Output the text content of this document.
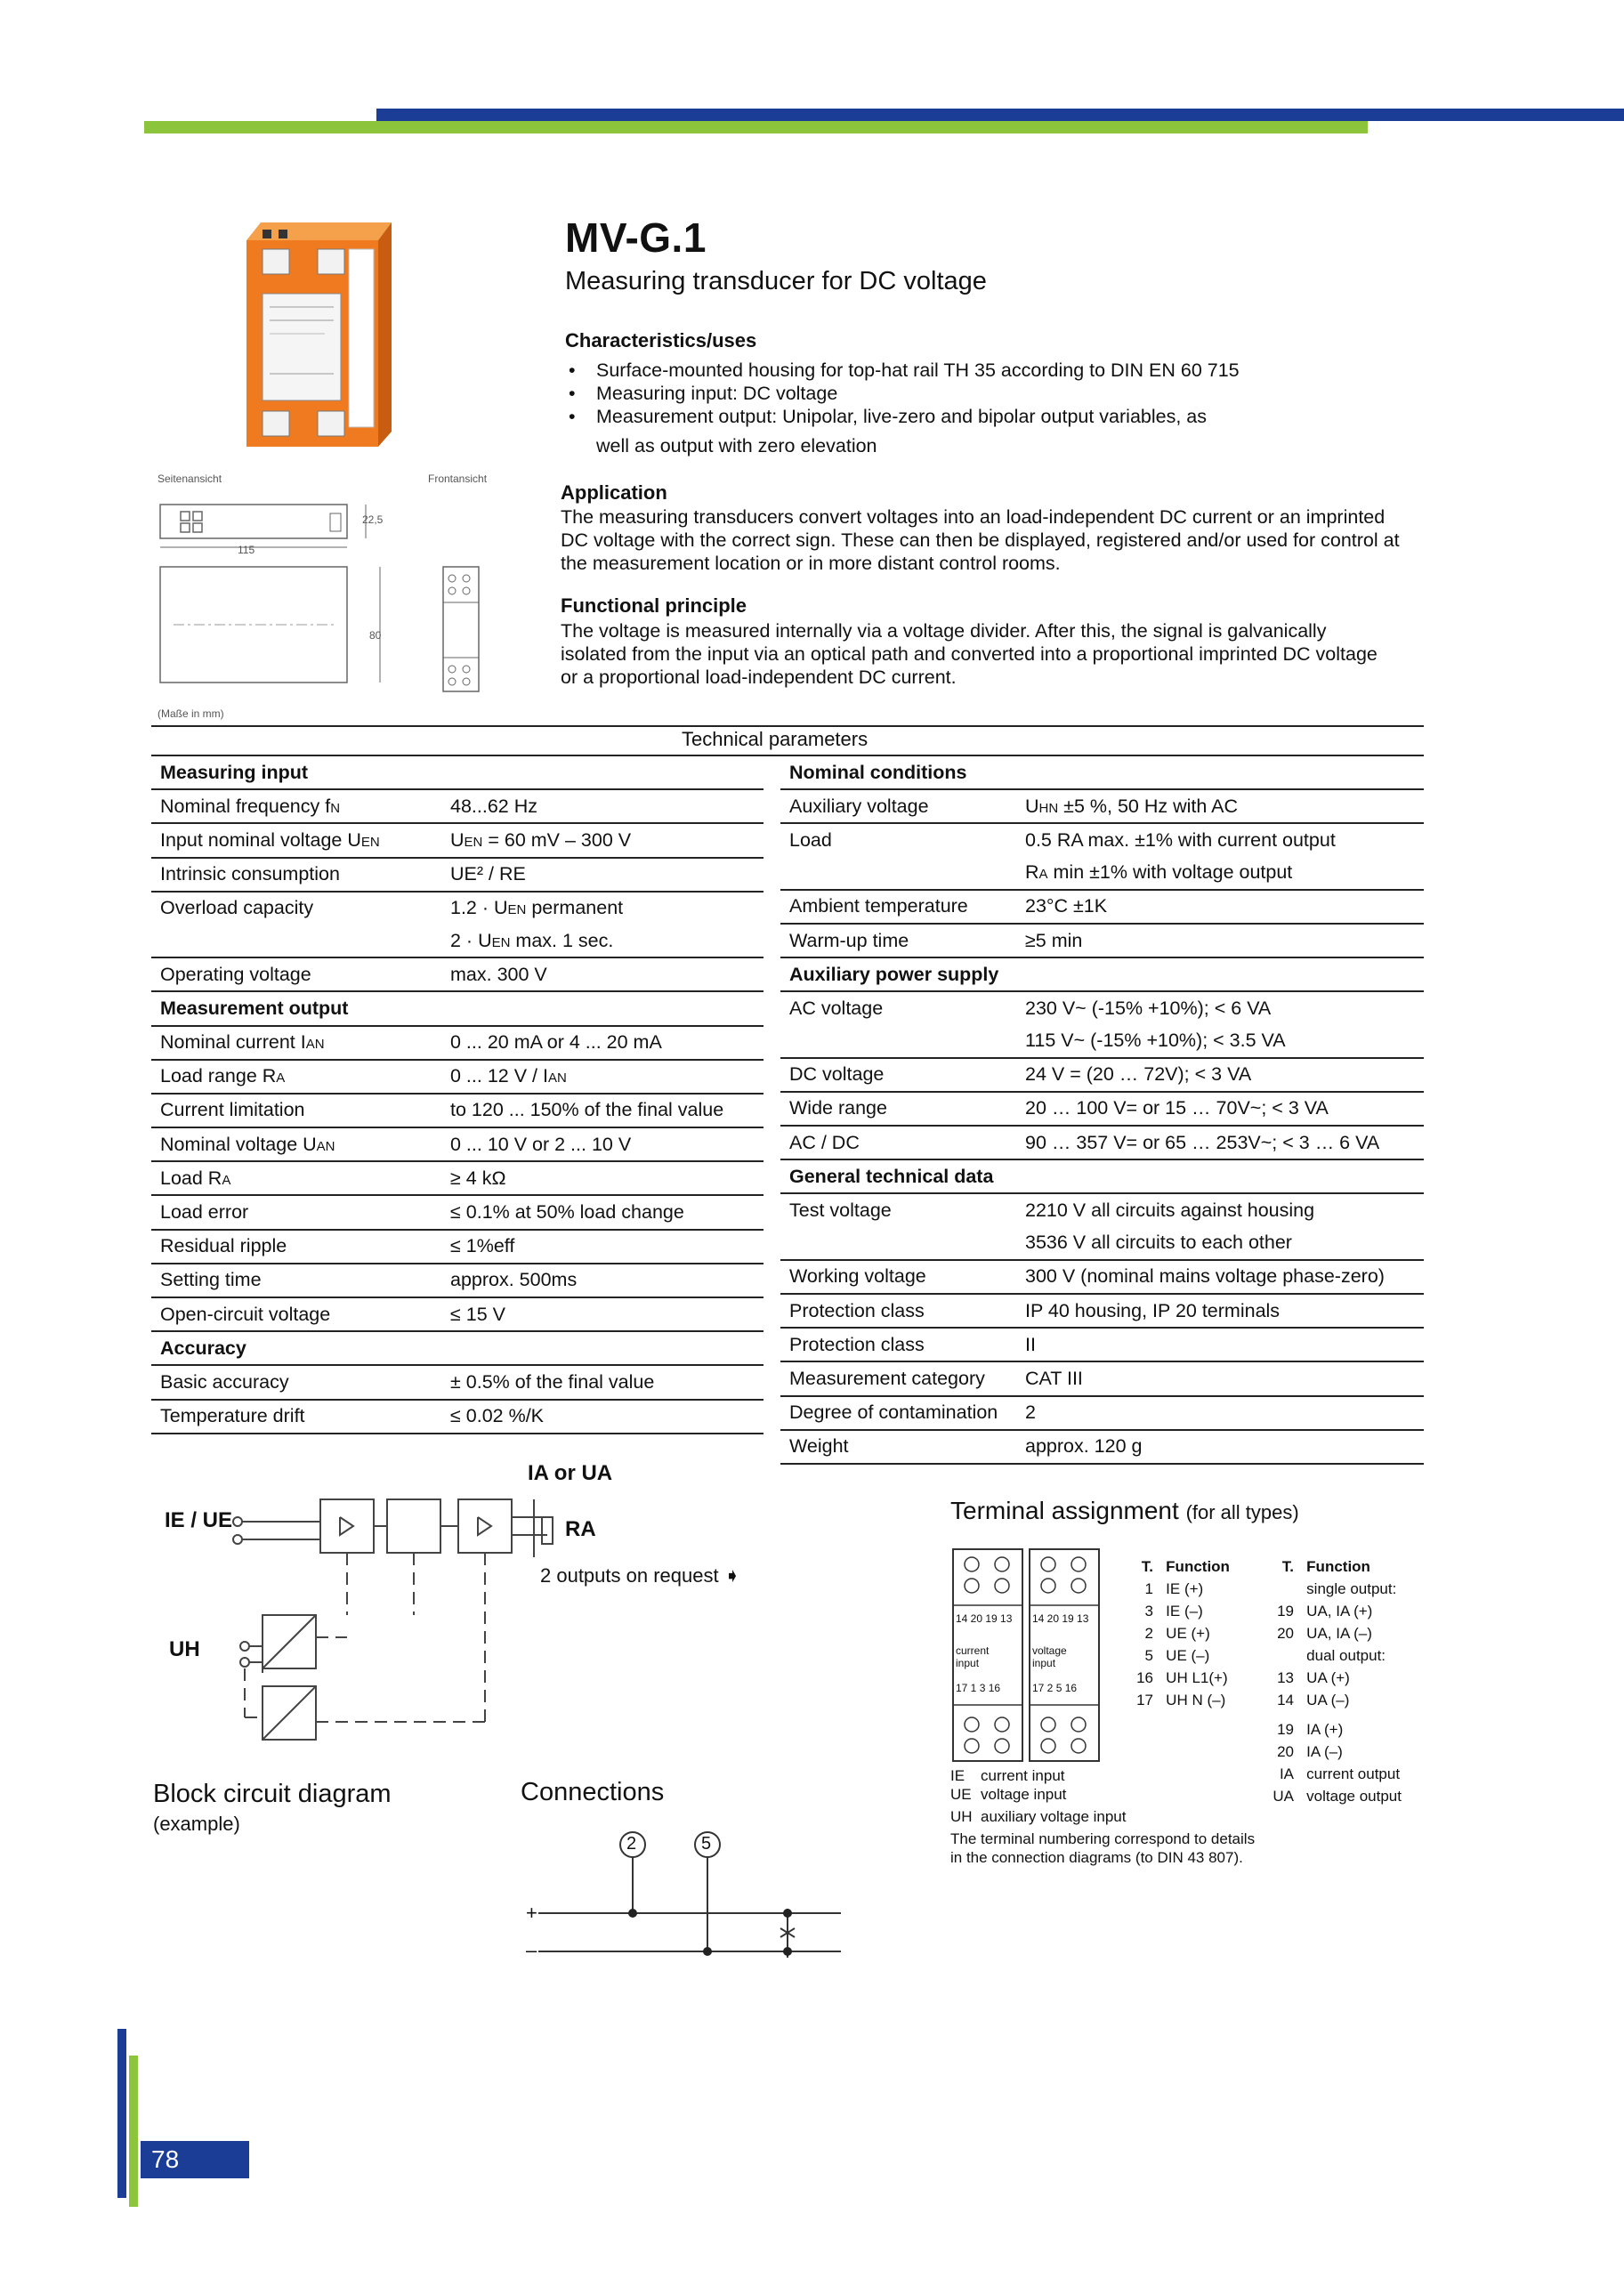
Seitenansicht	Frontansicht
115
80
22,5
(Maße in mm)
MV-G.1
Measuring transducer for DC voltage
Characteristics/uses
• Surface-mounted housing for top-hat rail TH 35 according to DIN EN 60 715
• Measuring input: DC voltage
• Measurement output: Unipolar, live-zero and bipolar output variables, as
well as output with zero elevation
Application
The measuring transducers convert voltages into an load-independent DC current or an imprinted
DC voltage with the correct sign. These can then be displayed, registered and/or used for control at
the measurement location or in more distant control rooms.
Functional principle
The voltage is measured internally via a voltage divider. After this, the signal is galvanically
isolated from the input via an optical path and converted into a proportional imprinted DC voltage
or a proportional load-independent DC current.
Technical parameters
Measuring input	
Nominal frequency fN	48...62 Hz
Input nominal voltage UEN	UEN = 60 mV – 300 V
Intrinsic consumption	UE² / RE
Overload capacity	1.2 · UEN permanent
	2 · UEN max. 1 sec.
Operating voltage	max. 300 V
Measurement output	
Nominal current IAN	0 ... 20 mA or 4 ... 20 mA
Load range RA	0 ... 12 V / IAN
Current limitation	to 120 ... 150% of the final value
Nominal voltage UAN	0 ... 10 V or 2 ... 10 V
Load RA	≥ 4 kΩ
Load error	≤ 0.1% at 50% load change
Residual ripple	≤ 1%eff
Setting time	approx. 500ms
Open-circuit voltage	≤ 15 V
Accuracy	
Basic accuracy	± 0.5% of the final value
Temperature drift	≤ 0.02 %/K
Nominal conditions	
Auxiliary voltage	UHN ±5 %, 50 Hz with AC
Load	0.5 RA max. ±1% with current output
	RA min ±1% with voltage output
Ambient temperature	23°C ±1K
Warm-up time	≥5 min
Auxiliary power supply	
AC voltage	230 V~ (-15% +10%); < 6 VA
	115 V~ (-15% +10%); < 3.5 VA
DC voltage	24 V = (20 … 72V); < 3 VA
Wide range	20 … 100 V= or 15 … 70V~; < 3 VA
AC / DC	90 … 357 V= or 65 … 253V~; < 3 … 6 VA
General technical data	
Test voltage	2210 V all circuits against housing
	3536 V all circuits to each other
Working voltage	300 V (nominal mains voltage phase-zero)
Protection class	IP 40 housing, IP 20 terminals
Protection class	II
Measurement category	CAT III
Degree of contamination	2
Weight	approx. 120 g
IE / UE
UH
IA or UA
RA
2 outputs on request ➧
Block circuit diagram
(example)
Connections
2	5
+
–
Terminal assignment (for all types)
14 20 19 13
current
input
17 1 3 16
14 20 19 13
voltage
input
17 2 5 16
T. Function
1 IE (+)
3 IE (–)
2 UE (+)
5 UE (–)
16 UH L1(+)
17 UH N (–)
T. Function
single output:
19 UA, IA (+)
20 UA, IA (–)
dual output:
13 UA (+)
14 UA (–)
19 IA (+)
20 IA (–)
IA current output
UA voltage output
IE current input
UE voltage input
UH auxiliary voltage input
The terminal numbering correspond to details
in the connection diagrams (to DIN 43 807).
78
